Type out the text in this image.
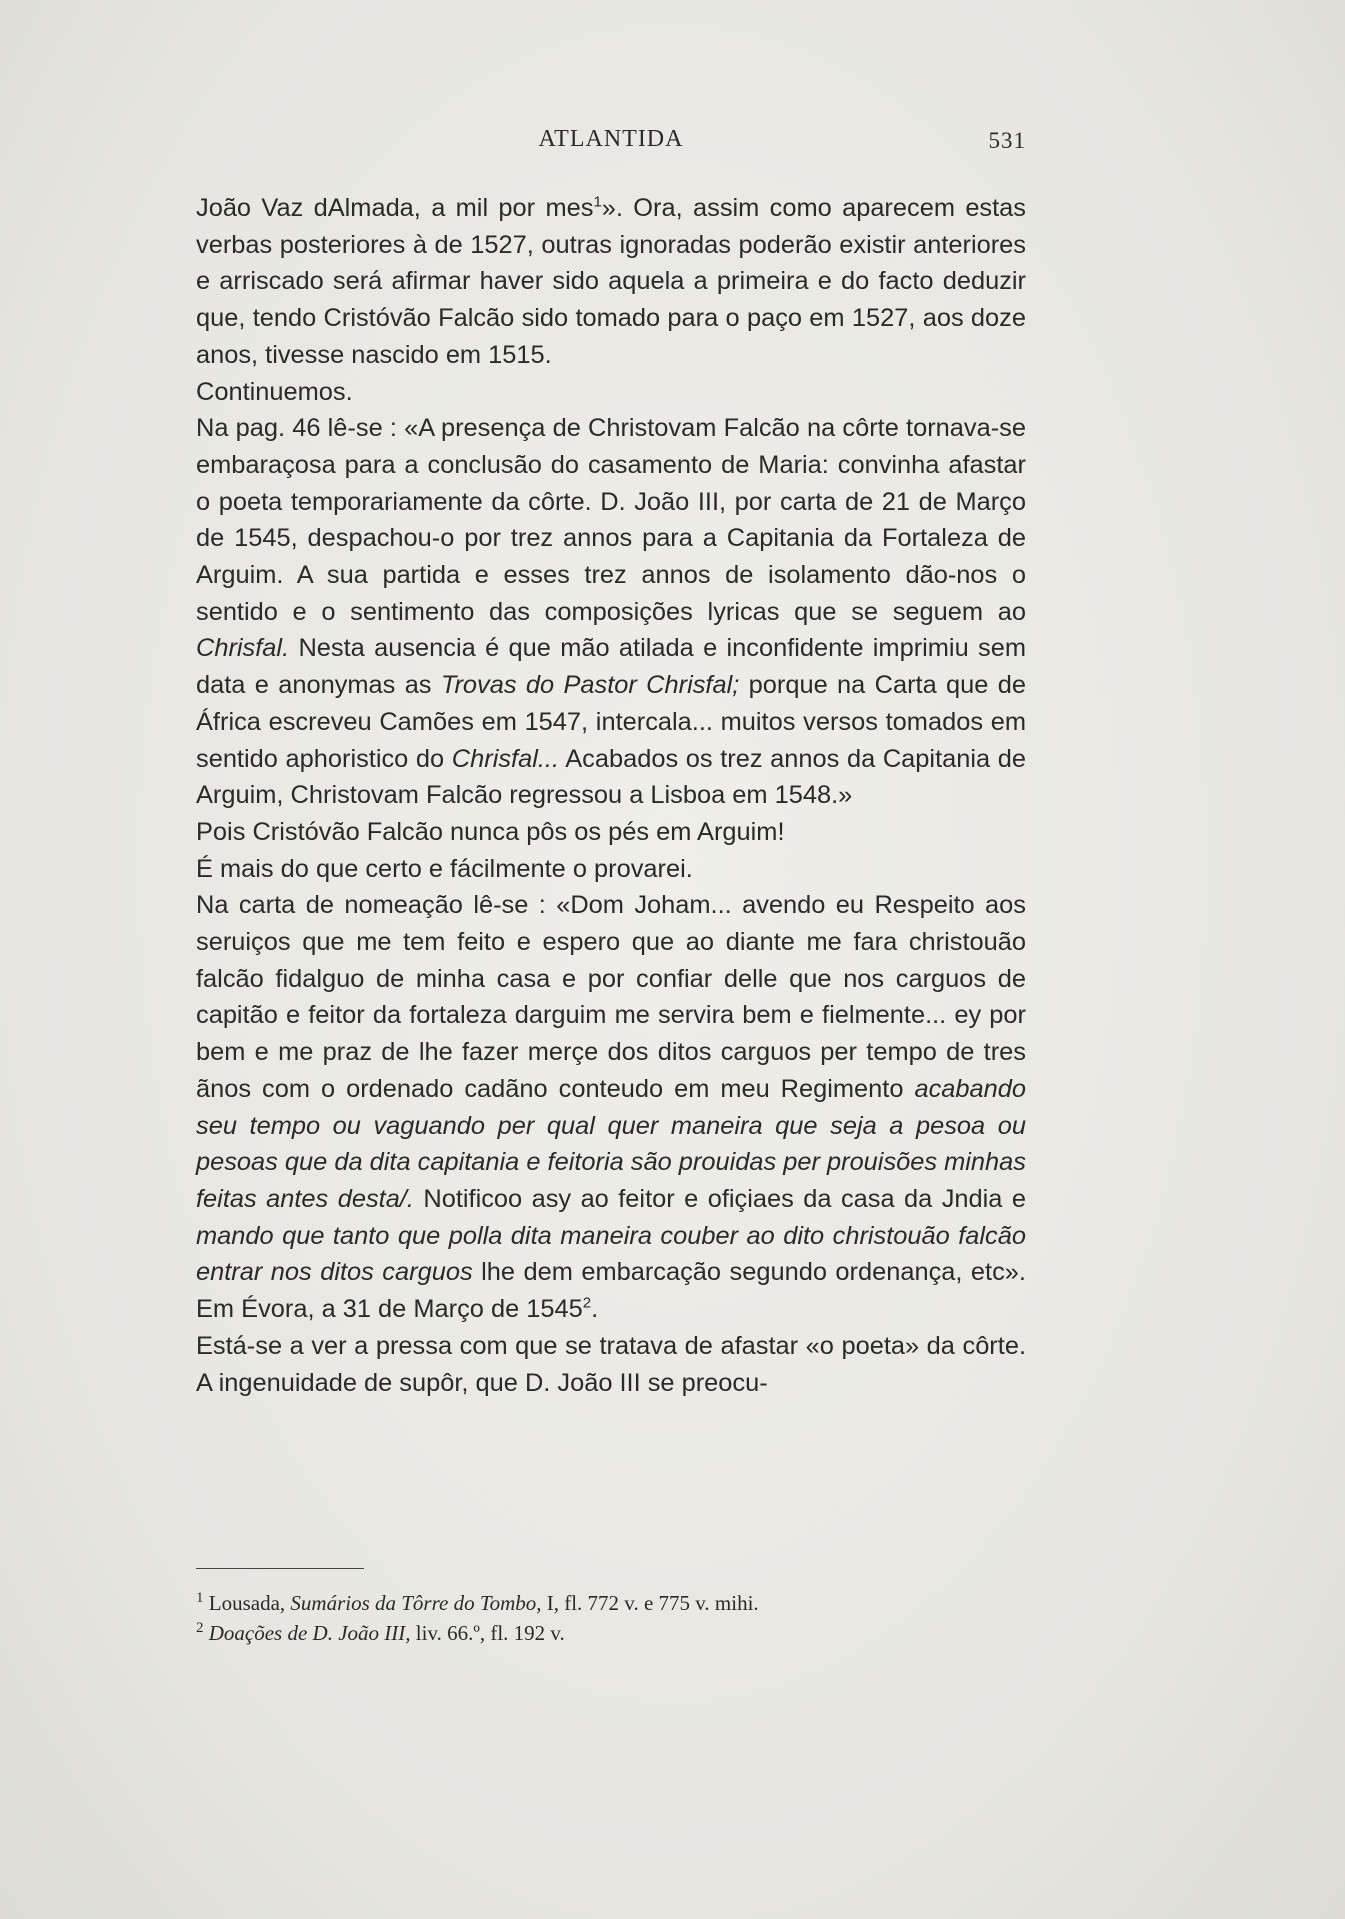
ATLANTIDA	531

João Vaz dAlmada, a mil por mes$^1$». Ora, assim como aparecem estas verbas posteriores à de 1527, outras ignoradas poderão existir anteriores e arriscado será afirmar haver sido aquela a primeira e do facto deduzir que, tendo Cristóvão Falcão sido tomado para o paço em 1527, aos doze anos, tivesse nascido em 1515.

Continuemos.

Na pag. 46 lê-se : «A presença de Christovam Falcão na côrte tornava-se embaraçosa para a conclusão do casamento de Maria: convinha afastar o poeta temporariamente da côrte. D. João III, por carta de 21 de Março de 1545, despachou-o por trez annos para a Capitania da Fortaleza de Arguim. A sua partida e esses trez annos de isolamento dão-nos o sentido e o sentimento das composições lyricas que se seguem ao Chrisfal. Nesta ausencia é que mão atilada e inconfidente imprimiu sem data e anonymas as Trovas do Pastor Chrisfal; porque na Carta que de África escreveu Camões em 1547, intercala... muitos versos tomados em sentido aphoristico do Chrisfal... Acabados os trez annos da Capitania de Arguim, Christovam Falcão regressou a Lisboa em 1548.»

Pois Cristóvão Falcão nunca pôs os pés em Arguim!

É mais do que certo e fácilmente o provarei.

Na carta de nomeação lê-se : «Dom Joham... avendo eu Respeito aos seruiços que me tem feito e espero que ao diante me fara christouão falcão fidalguo de minha casa e por confiar delle que nos carguos de capitão e feitor da fortaleza darguim me servira bem e fielmente... ey por bem e me praz de lhe fazer merçe dos ditos carguos per tempo de tres ãnos com o ordenado cadãno conteudo em meu Regimento acabando seu tempo ou vaguando per qual quer maneira que seja a pesoa ou pesoas que da dita capitania e feitoria são prouidas per prouisões minhas feitas antes desta/. Notificoo asy ao feitor e ofiçiaes da casa da Jndia e mando que tanto que polla dita maneira couber ao dito christouão falcão entrar nos ditos carguos lhe dem embarcação segundo ordenança, etc». Em Évora, a 31 de Março de 1545$^2$.

Está-se a ver a pressa com que se tratava de afastar «o poeta» da côrte. A ingenuidade de supôr, que D. João III se preocu-

$^1$ Lousada, Sumários da Tôrre do Tombo, I, fl. 772 v. e 775 v. mihi.
$^2$ Doações de D. João III, liv. 66.º, fl. 192 v.
